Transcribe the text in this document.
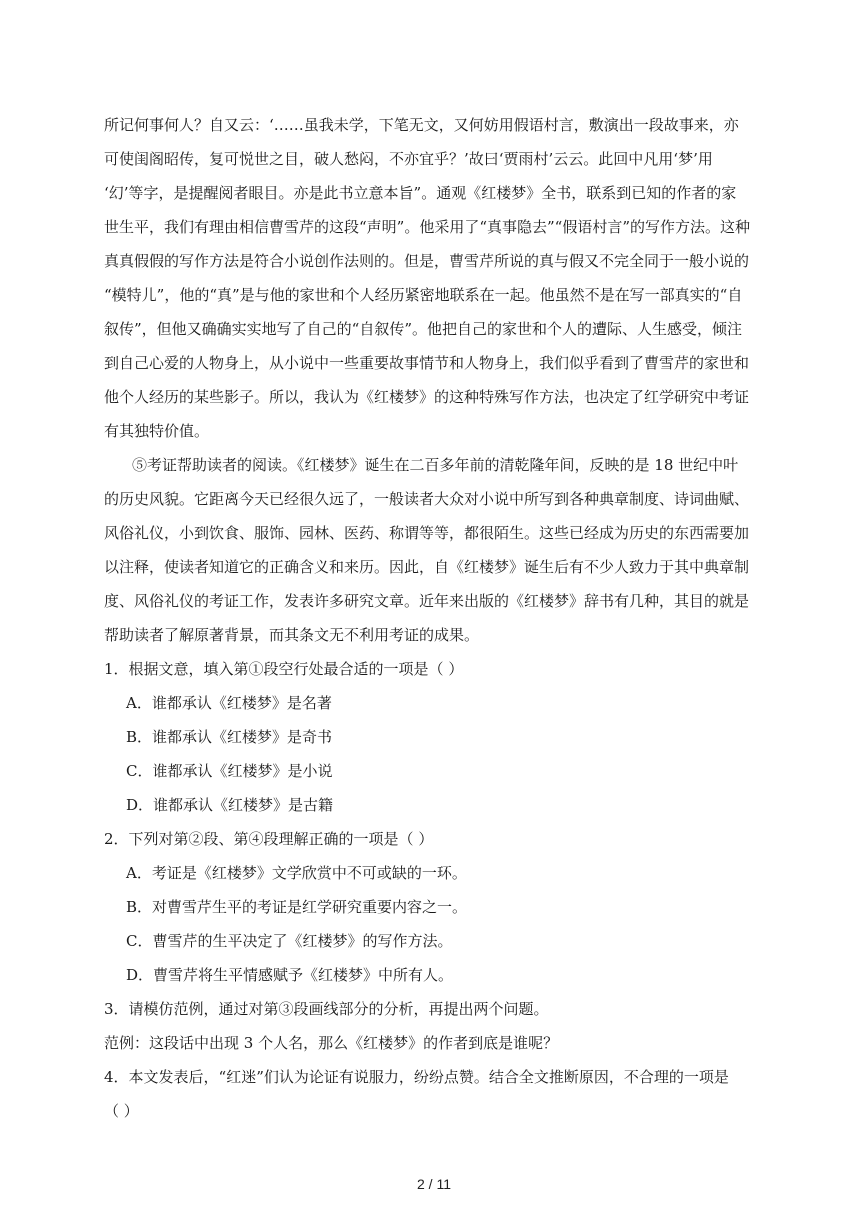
所记何事何人？自又云：‘……虽我未学，下笔无文，又何妨用假语村言，敷演出一段故事来，亦
可使闺阁昭传，复可悦世之目，破人愁闷，不亦宜乎？’故曰‘贾雨村’云云。此回中凡用‘梦’用
‘幻’等字，是提醒阅者眼目。亦是此书立意本旨”。通观《红楼梦》全书，联系到已知的作者的家
世生平，我们有理由相信曹雪芹的这段“声明”。他采用了“真事隐去”“假语村言”的写作方法。这种
真真假假的写作方法是符合小说创作法则的。但是，曹雪芹所说的真与假又不完全同于一般小说的
“模特儿”，他的“真”是与他的家世和个人经历紧密地联系在一起。他虽然不是在写一部真实的“自
叙传”，但他又确确实实地写了自己的“自叙传”。他把自己的家世和个人的遭际、人生感受，倾注
到自己心爱的人物身上，从小说中一些重要故事情节和人物身上，我们似乎看到了曹雪芹的家世和
他个人经历的某些影子。所以，我认为《红楼梦》的这种特殊写作方法，也决定了红学研究中考证
有其独特价值。
⑤考证帮助读者的阅读。《红楼梦》诞生在二百多年前的清乾隆年间，反映的是 18 世纪中叶
的历史风貌。它距离今天已经很久远了，一般读者大众对小说中所写到各种典章制度、诗词曲赋、
风俗礼仪，小到饮食、服饰、园林、医药、称谓等等，都很陌生。这些已经成为历史的东西需要加
以注释，使读者知道它的正确含义和来历。因此，自《红楼梦》诞生后有不少人致力于其中典章制
度、风俗礼仪的考证工作，发表许多研究文章。近年来出版的《红楼梦》辞书有几种，其目的就是
帮助读者了解原著背景，而其条文无不利用考证的成果。
1．根据文意，填入第①段空行处最合适的一项是（ ）
A．谁都承认《红楼梦》是名著
B．谁都承认《红楼梦》是奇书
C．谁都承认《红楼梦》是小说
D．谁都承认《红楼梦》是古籍
2．下列对第②段、第④段理解正确的一项是（ ）
A．考证是《红楼梦》文学欣赏中不可或缺的一环。
B．对曹雪芹生平的考证是红学研究重要内容之一。
C．曹雪芹的生平决定了《红楼梦》的写作方法。
D．曹雪芹将生平情感赋予《红楼梦》中所有人。
3．请模仿范例，通过对第③段画线部分的分析，再提出两个问题。
范例：这段话中出现 3 个人名，那么《红楼梦》的作者到底是谁呢？
4．本文发表后，“红迷”们认为论证有说服力，纷纷点赞。结合全文推断原因，不合理的一项是
（ ）
2 / 11
